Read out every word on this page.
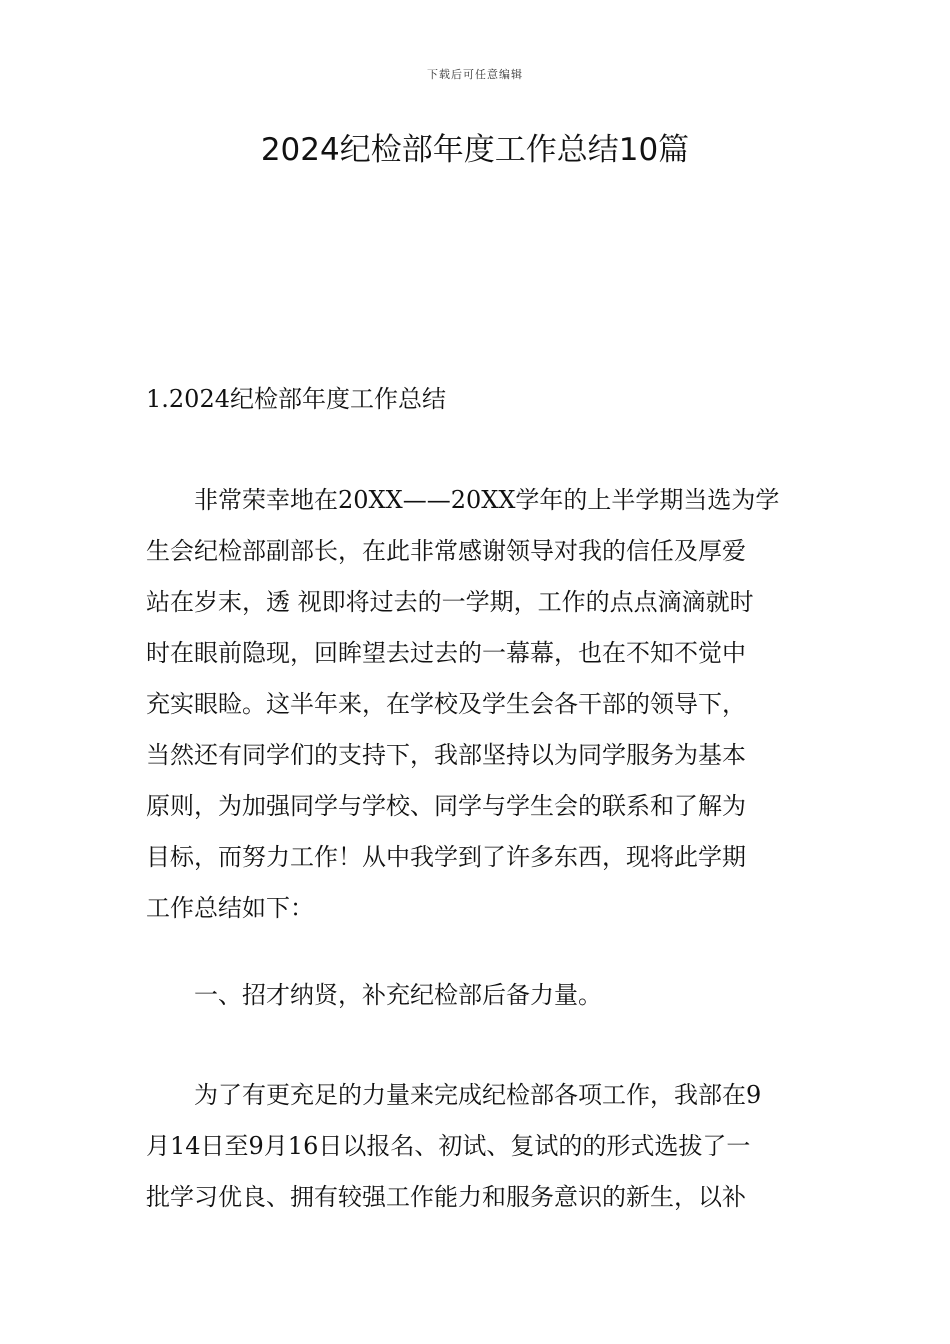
下载后可任意编辑
2024纪检部年度工作总结10篇
1.2024纪检部年度工作总结

非常荣幸地在20XX——20XX学年的上半学期当选为学
生会纪检部副部长，在此非常感谢领导对我的信任及厚爱
站在岁末，透 视即将过去的一学期，工作的点点滴滴就时
时在眼前隐现，回眸望去过去的一幕幕，也在不知不觉中
充实眼睑。这半年来，在学校及学生会各干部的领导下，
当然还有同学们的支持下，我部坚持以为同学服务为基本
原则，为加强同学与学校、同学与学生会的联系和了解为
目标，而努力工作！从中我学到了许多东西，现将此学期
工作总结如下：

一、招才纳贤，补充纪检部后备力量。

为了有更充足的力量来完成纪检部各项工作，我部在9
月14日至9月16日以报名、初试、复试的的形式选拔了一
批学习优良、拥有较强工作能力和服务意识的新生，以补
